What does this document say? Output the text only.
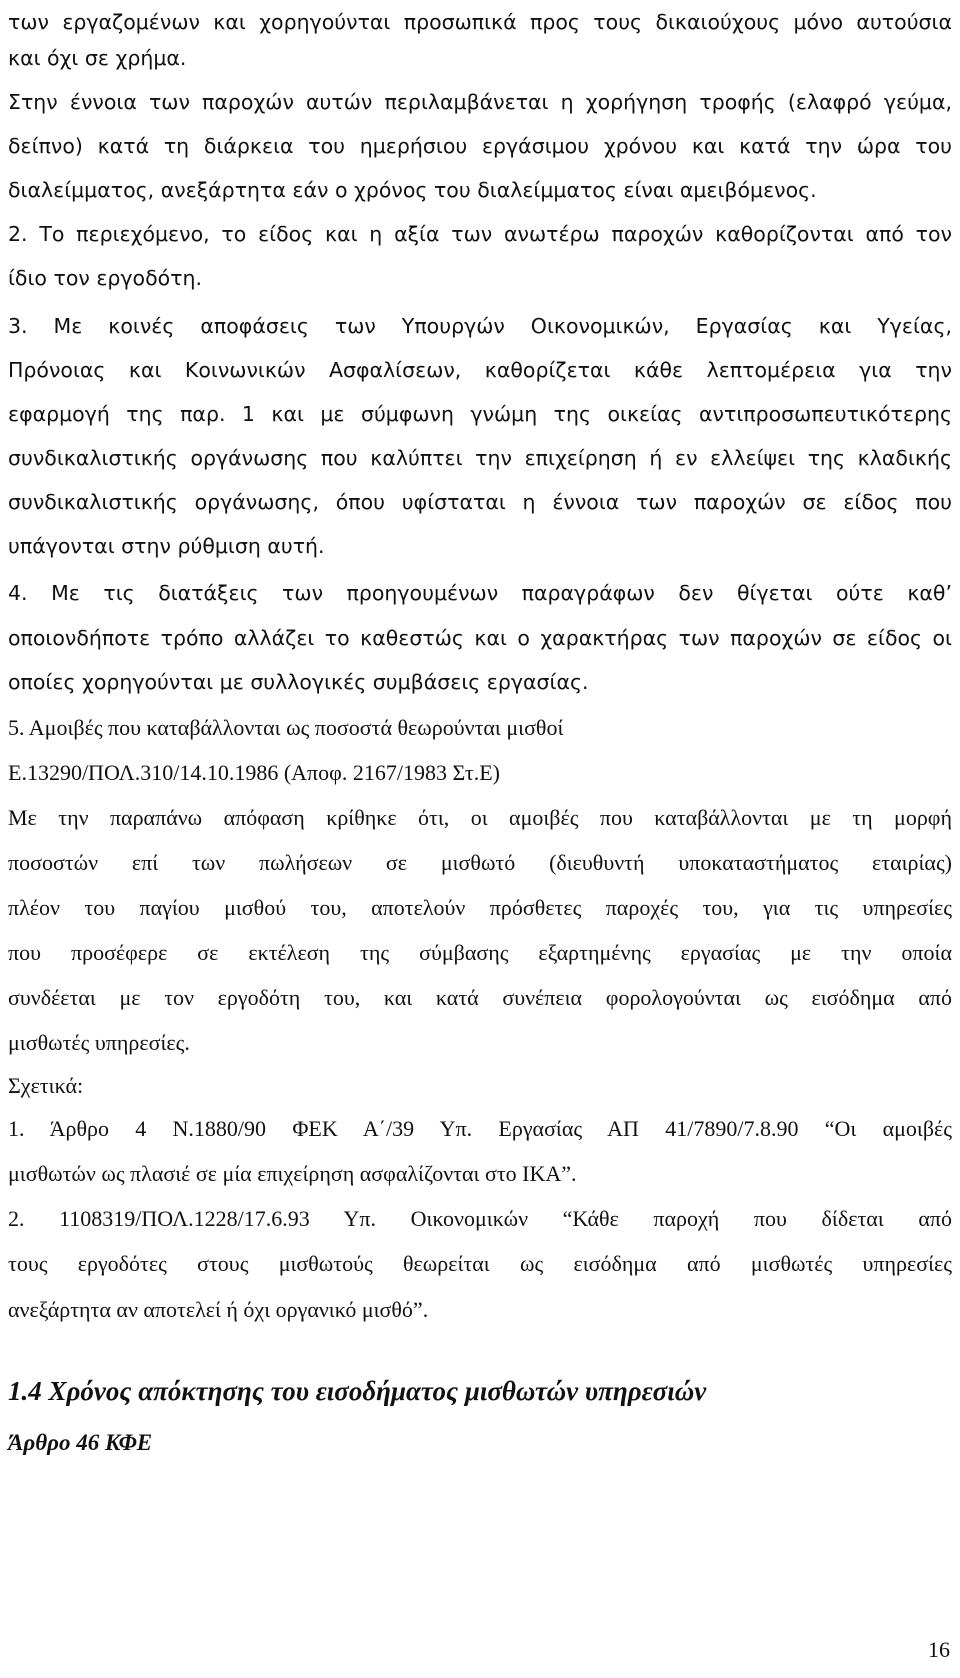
των εργαζομένων και χορηγούνται προσωπικά προς τους δικαιούχους μόνο αυτούσια
και όχι σε χρήμα.
Στην έννοια των παροχών αυτών περιλαμβάνεται η χορήγηση τροφής (ελαφρό γεύμα,
δείπνο) κατά τη διάρκεια του ημερήσιου εργάσιμου χρόνου και κατά την ώρα του
διαλείμματος, ανεξάρτητα εάν ο χρόνος του διαλείμματος είναι αμειβόμενος.
2. Το περιεχόμενο, το είδος και η αξία των ανωτέρω παροχών καθορίζονται από τον
ίδιο τον εργοδότη.
3. Με κοινές αποφάσεις των Υπουργών Οικονομικών, Εργασίας και Υγείας,
Πρόνοιας και Κοινωνικών Ασφαλίσεων, καθορίζεται κάθε λεπτομέρεια για την
εφαρμογή της παρ. 1 και με σύμφωνη γνώμη της οικείας αντιπροσωπευτικότερης
συνδικαλιστικής οργάνωσης που καλύπτει την επιχείρηση ή εν ελλείψει της κλαδικής
συνδικαλιστικής οργάνωσης, όπου υφίσταται η έννοια των παροχών σε είδος που
υπάγονται στην ρύθμιση αυτή.
4. Με τις διατάξεις των προηγουμένων παραγράφων δεν θίγεται ούτε καθ’
οποιονδήποτε τρόπο αλλάζει το καθεστώς και ο χαρακτήρας των παροχών σε είδος οι
οποίες χορηγούνται με συλλογικές συμβάσεις εργασίας.
5. Αμοιβές που καταβάλλονται ως ποσοστά θεωρούνται μισθοί
Ε.13290/ΠΟΛ.310/14.10.1986 (Αποφ. 2167/1983 Στ.Ε)
Με την παραπάνω απόφαση κρίθηκε ότι, οι αμοιβές που καταβάλλονται με τη μορφή
ποσοστών επί των πωλήσεων σε μισθωτό (διευθυντή υποκαταστήματος εταιρίας)
πλέον του παγίου μισθού του, αποτελούν πρόσθετες παροχές του, για τις υπηρεσίες
που προσέφερε σε εκτέλεση της σύμβασης εξαρτημένης εργασίας με την οποία
συνδέεται με τον εργοδότη του, και κατά συνέπεια φορολογούνται ως εισόδημα από
μισθωτές υπηρεσίες.
Σχετικά:
1. Άρθρο 4 Ν.1880/90 ΦΕΚ Α΄/39 Υπ. Εργασίας ΑΠ 41/7890/7.8.90 “Οι αμοιβές
μισθωτών ως πλασιέ σε μία επιχείρηση ασφαλίζονται στο ΙΚΑ”.
2. 1108319/ΠΟΛ.1228/17.6.93 Υπ. Οικονομικών “Κάθε παροχή που δίδεται από
τους εργοδότες στους μισθωτούς θεωρείται ως εισόδημα από μισθωτές υπηρεσίες
ανεξάρτητα αν αποτελεί ή όχι οργανικό μισθό”.
1.4 Χρόνος απόκτησης του εισοδήματος μισθωτών υπηρεσιών
Άρθρο 46 ΚΦΕ
16
